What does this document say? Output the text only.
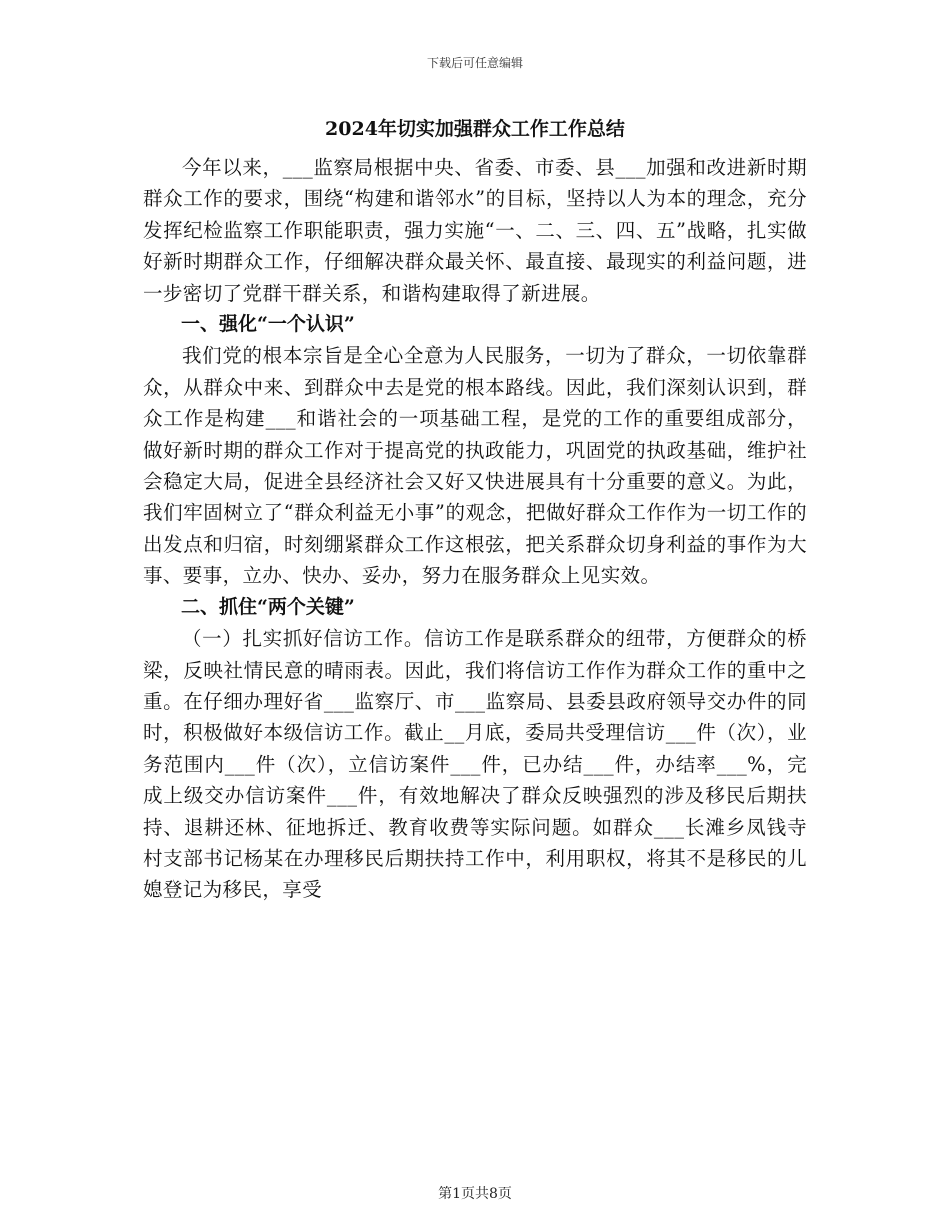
下载后可任意编辑
2024年切实加强群众工作工作总结

今年以来，___监察局根据中央、省委、市委、县___加强和改进新时期群众工作的要求，围绕“构建和谐邻水”的目标，坚持以人为本的理念，充分发挥纪检监察工作职能职责，强力实施“一、二、三、四、五”战略，扎实做好新时期群众工作，仔细解决群众最关怀、最直接、最现实的利益问题，进一步密切了党群干群关系，和谐构建取得了新进展。

一、强化“一个认识”

我们党的根本宗旨是全心全意为人民服务，一切为了群众，一切依靠群众，从群众中来、到群众中去是党的根本路线。因此，我们深刻认识到，群众工作是构建___和谐社会的一项基础工程，是党的工作的重要组成部分，做好新时期的群众工作对于提高党的执政能力，巩固党的执政基础，维护社会稳定大局，促进全县经济社会又好又快进展具有十分重要的意义。为此，我们牢固树立了“群众利益无小事”的观念，把做好群众工作作为一切工作的出发点和归宿，时刻绷紧群众工作这根弦，把关系群众切身利益的事作为大事、要事，立办、快办、妥办，努力在服务群众上见实效。

二、抓住“两个关键”

（一）扎实抓好信访工作。信访工作是联系群众的纽带，方便群众的桥梁，反映社情民意的晴雨表。因此，我们将信访工作作为群众工作的重中之重。在仔细办理好省___监察厅、市___监察局、县委县政府领导交办件的同时，积极做好本级信访工作。截止__月底，委局共受理信访___件（次），业务范围内___件（次），立信访案件___件，已办结___件，办结率___%，完成上级交办信访案件___件，有效地解决了群众反映强烈的涉及移民后期扶持、退耕还林、征地拆迁、教育收费等实际问题。如群众___长滩乡凤钱寺村支部书记杨某在办理移民后期扶持工作中，利用职权，将其不是移民的儿媳登记为移民，享受

第1页共8页
